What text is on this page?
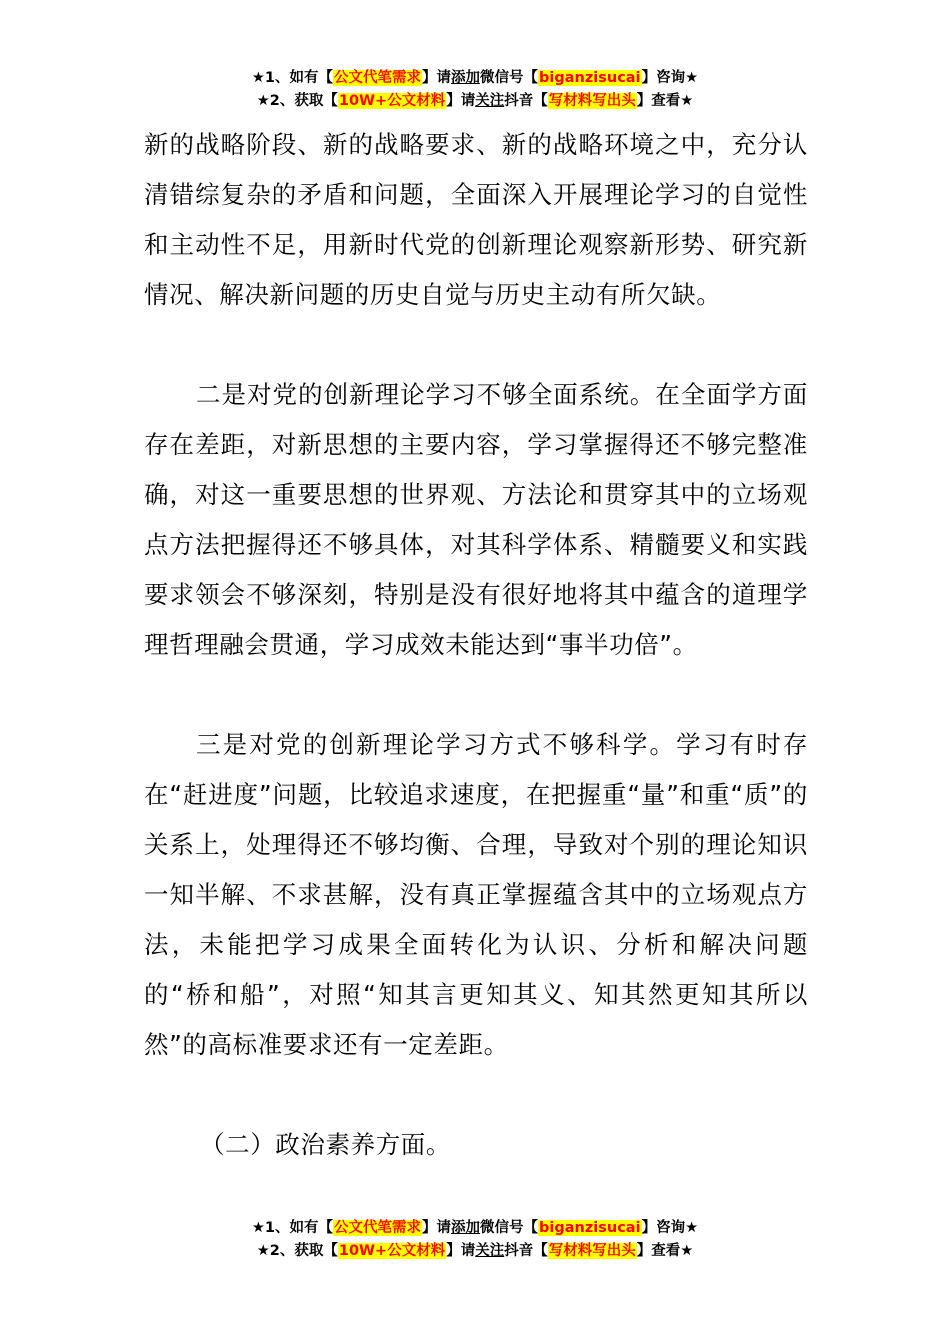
★1、如有【公文代笔需求】请添加微信号【biganzisucai】咨询★
★2、获取【10W+公文材料】请关注抖音【写材料写出头】查看★

新的战略阶段、新的战略要求、新的战略环境之中，充分认清错综复杂的矛盾和问题，全面深入开展理论学习的自觉性和主动性不足，用新时代党的创新理论观察新形势、研究新情况、解决新问题的历史自觉与历史主动有所欠缺。

二是对党的创新理论学习不够全面系统。在全面学方面存在差距，对新思想的主要内容，学习掌握得还不够完整准确，对这一重要思想的世界观、方法论和贯穿其中的立场观点方法把握得还不够具体，对其科学体系、精髓要义和实践要求领会不够深刻，特别是没有很好地将其中蕴含的道理学理哲理融会贯通，学习成效未能达到“事半功倍”。

三是对党的创新理论学习方式不够科学。学习有时存在“赶进度”问题，比较追求速度，在把握重“量”和重“质”的关系上，处理得还不够均衡、合理，导致对个别的理论知识一知半解、不求甚解，没有真正掌握蕴含其中的立场观点方法，未能把学习成果全面转化为认识、分析和解决问题的“桥和船”，对照“知其言更知其义、知其然更知其所以然”的高标准要求还有一定差距。

（二）政治素养方面。

★1、如有【公文代笔需求】请添加微信号【biganzisucai】咨询★
★2、获取【10W+公文材料】请关注抖音【写材料写出头】查看★
